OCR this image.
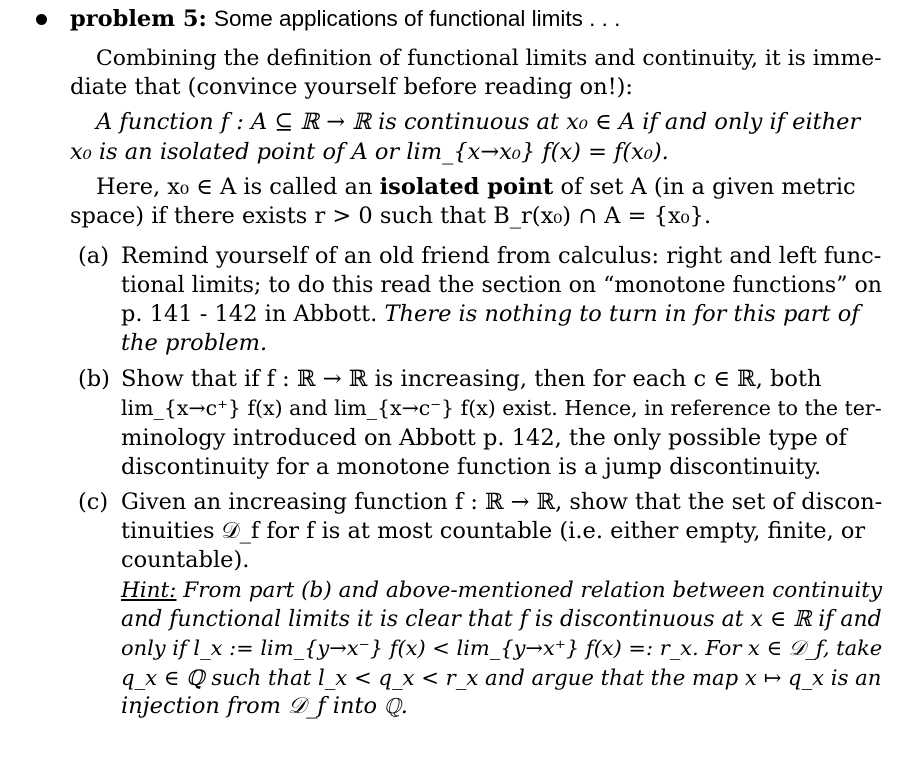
problem 5: Some applications of functional limits . . .
Combining the definition of functional limits and continuity, it is imme-
diate that (convince yourself before reading on!):
A function f : A ⊆ ℝ → ℝ is continuous at x₀ ∈ A if and only if either
x₀ is an isolated point of A or lim_{x→x₀} f(x) = f(x₀).
Here, x₀ ∈ A is called an isolated point of set A (in a given metric
space) if there exists r > 0 such that B_r(x₀) ∩ A = {x₀}.
(a) Remind yourself of an old friend from calculus: right and left func-
tional limits; to do this read the section on “monotone functions” on
p. 141 - 142 in Abbott. There is nothing to turn in for this part of
the problem.
(b) Show that if f : ℝ → ℝ is increasing, then for each c ∈ ℝ, both
lim_{x→c⁺} f(x) and lim_{x→c⁻} f(x) exist. Hence, in reference to the ter-
minology introduced on Abbott p. 142, the only possible type of
discontinuity for a monotone function is a jump discontinuity.
(c) Given an increasing function f : ℝ → ℝ, show that the set of discon-
tinuities 𝒟_f for f is at most countable (i.e. either empty, finite, or
countable).
Hint: From part (b) and above-mentioned relation between continuity
and functional limits it is clear that f is discontinuous at x ∈ ℝ if and
only if l_x := lim_{y→x⁻} f(x) < lim_{y→x⁺} f(x) =: r_x. For x ∈ 𝒟_f, take
q_x ∈ ℚ such that l_x < q_x < r_x and argue that the map x ↦ q_x is an
injection from 𝒟_f into ℚ.
